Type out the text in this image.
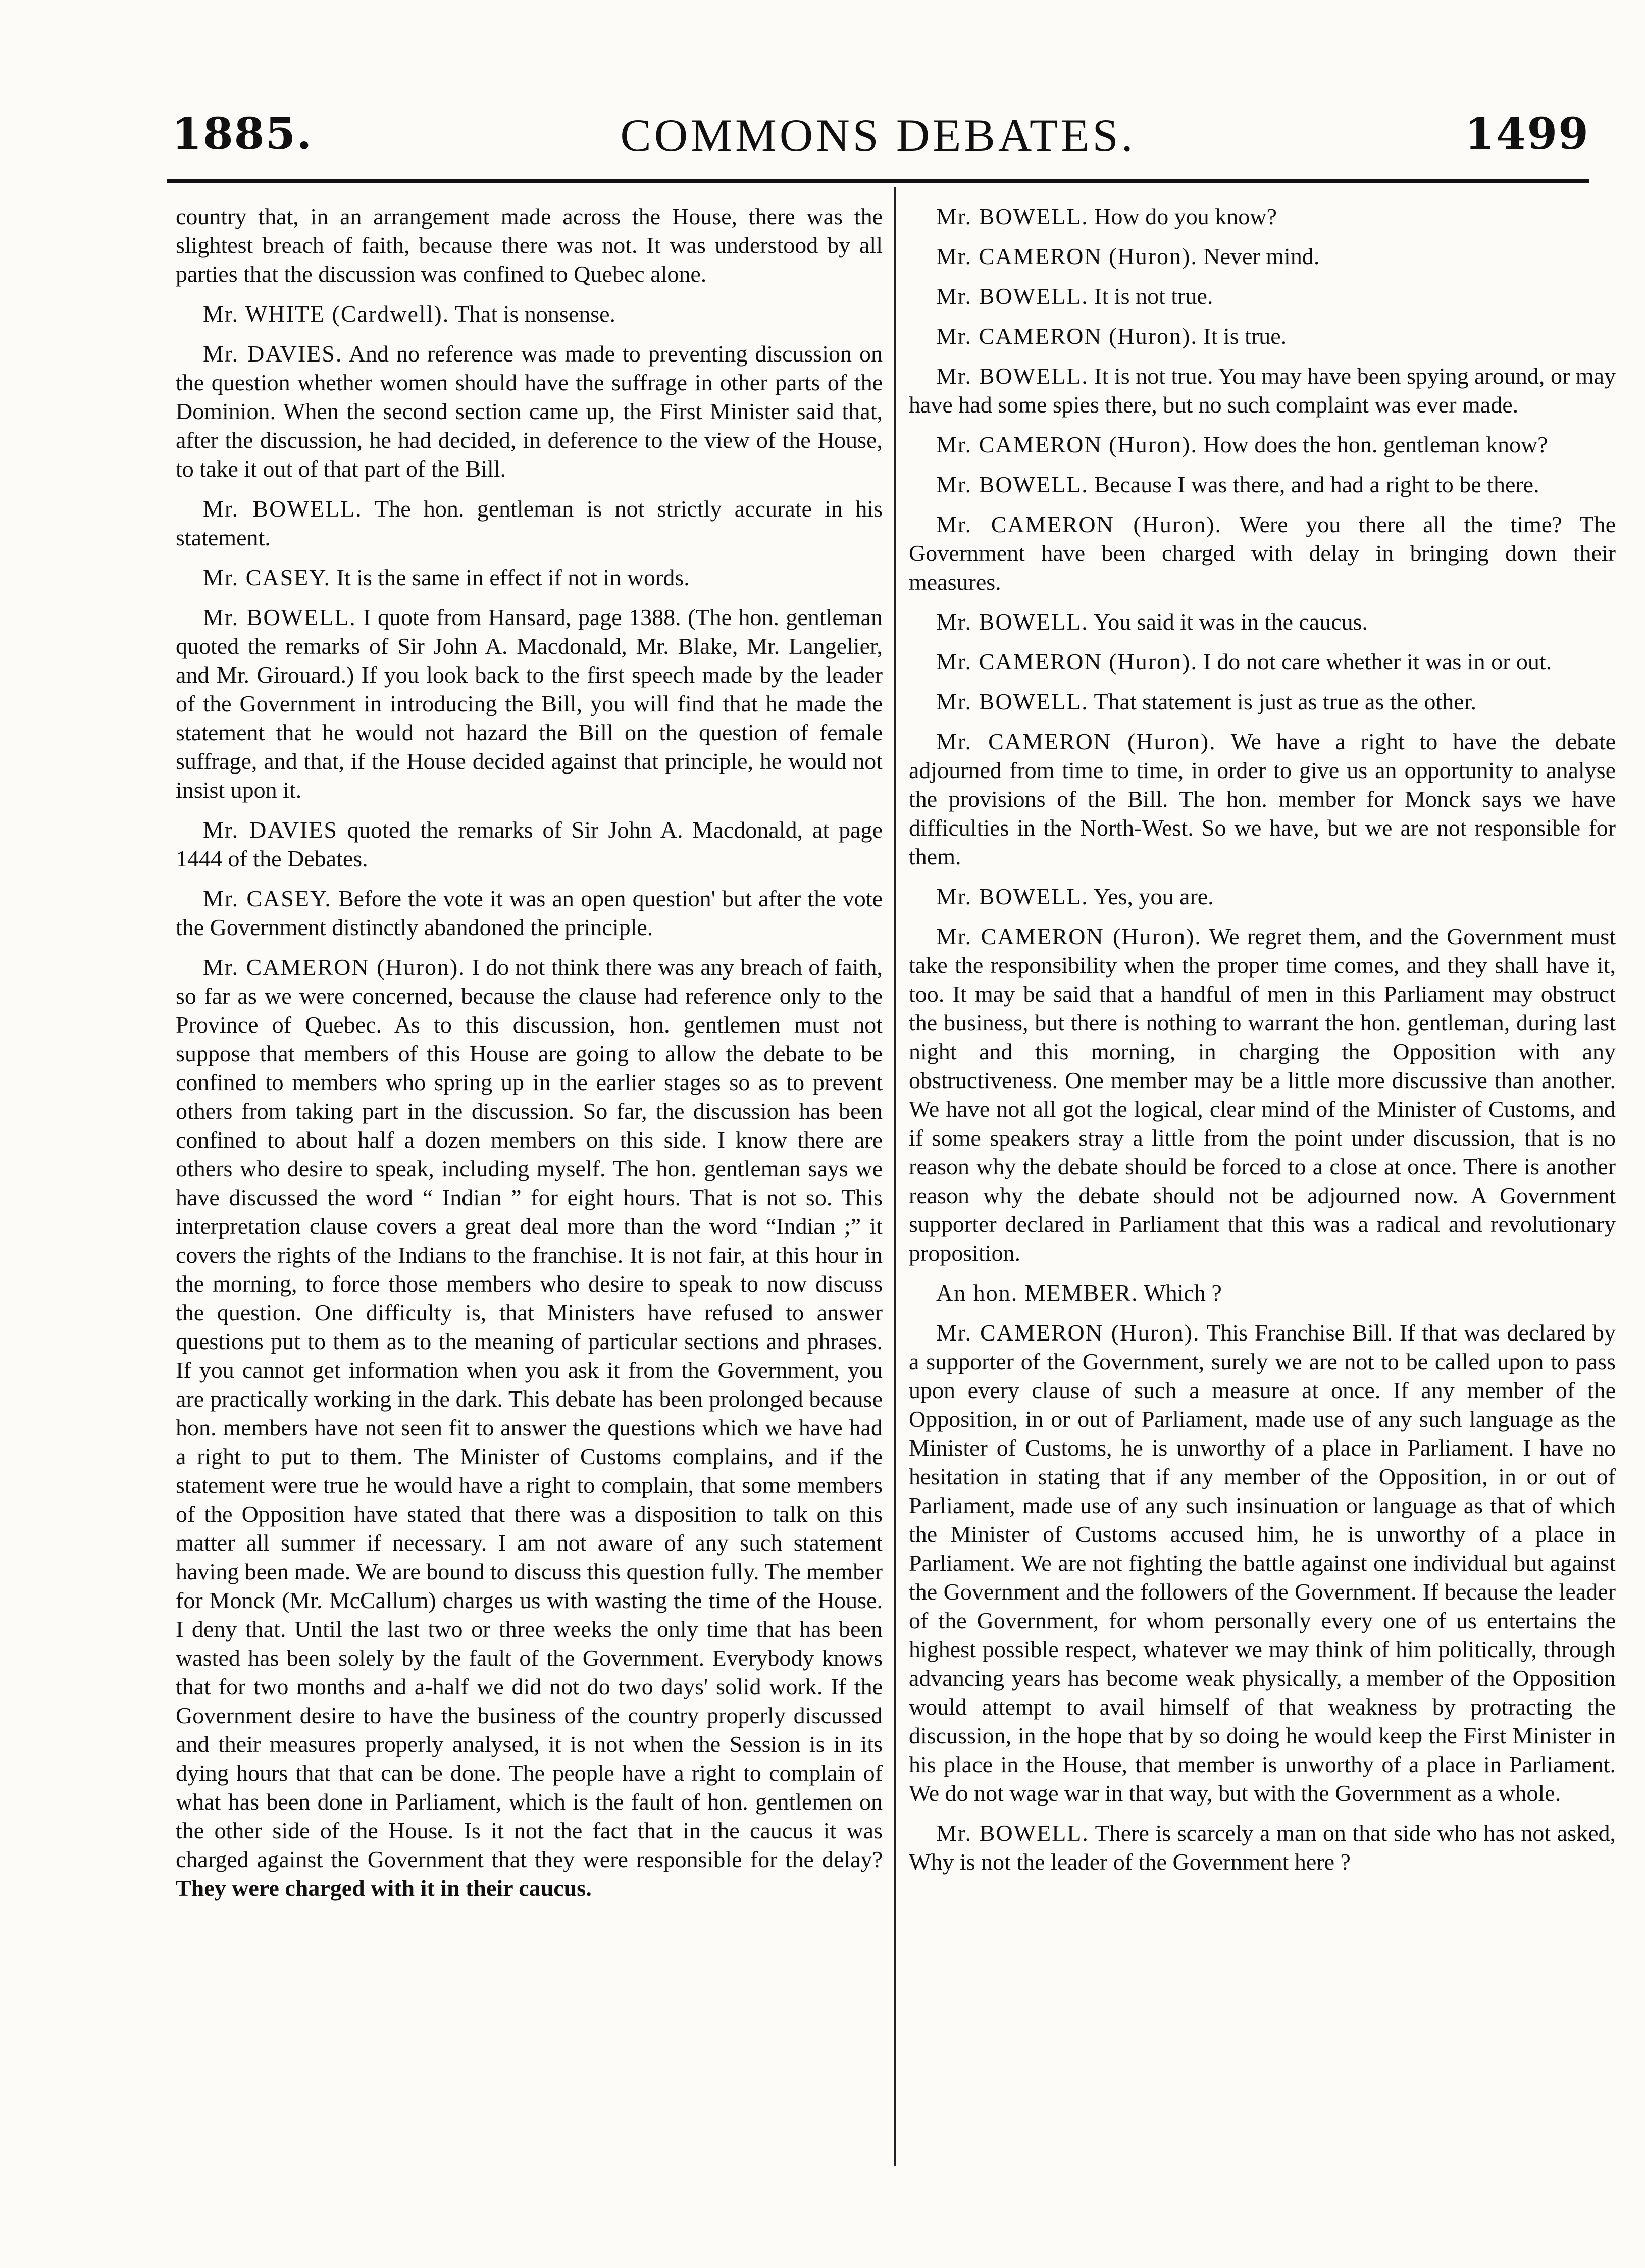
1885.	COMMONS DEBATES.	1499

country that, in an arrangement made across the House, there was the slightest breach of faith, because there was not. It was understood by all parties that the discussion was confined to Quebec alone.

Mr. WHITE (Cardwell). That is nonsense.

Mr. DAVIES. And no reference was made to preventing discussion on the question whether women should have the suffrage in other parts of the Dominion. When the second section came up, the First Minister said that, after the discussion, he had decided, in deference to the view of the House, to take it out of that part of the Bill.

Mr. BOWELL. The hon. gentleman is not strictly accurate in his statement.

Mr. CASEY. It is the same in effect if not in words.

Mr. BOWELL. I quote from Hansard, page 1388. (The hon. gentleman quoted the remarks of Sir John A. Macdonald, Mr. Blake, Mr. Langelier, and Mr. Girouard.) If you look back to the first speech made by the leader of the Government in introducing the Bill, you will find that he made the statement that he would not hazard the Bill on the question of female suffrage, and that, if the House decided against that principle, he would not insist upon it.

Mr. DAVIES quoted the remarks of Sir John A. Macdonald, at page 1444 of the Debates.

Mr. CASEY. Before the vote it was an open question' but after the vote the Government distinctly abandoned the principle.

Mr. CAMERON (Huron). I do not think there was any breach of faith, so far as we were concerned, because the clause had reference only to the Province of Quebec. As to this discussion, hon. gentlemen must not suppose that members of this House are going to allow the debate to be confined to members who spring up in the earlier stages so as to prevent others from taking part in the discussion. So far, the discussion has been confined to about half a dozen members on this side. I know there are others who desire to speak, including myself. The hon. gentleman says we have discussed the word “ Indian ” for eight hours. That is not so. This interpretation clause covers a great deal more than the word “Indian ;” it covers the rights of the Indians to the franchise. It is not fair, at this hour in the morning, to force those members who desire to speak to now discuss the question. One difficulty is, that Ministers have refused to answer questions put to them as to the meaning of particular sections and phrases. If you cannot get information when you ask it from the Government, you are practically working in the dark. This debate has been prolonged because hon. members have not seen fit to answer the questions which we have had a right to put to them. The Minister of Customs complains, and if the statement were true he would have a right to complain, that some members of the Opposition have stated that there was a disposition to talk on this matter all summer if necessary. I am not aware of any such statement having been made. We are bound to discuss this question fully. The member for Monck (Mr. McCallum) charges us with wasting the time of the House. I deny that. Until the last two or three weeks the only time that has been wasted has been solely by the fault of the Government. Everybody knows that for two months and a-half we did not do two days' solid work. If the Government desire to have the business of the country properly discussed and their measures properly analysed, it is not when the Session is in its dying hours that that can be done. The people have a right to complain of what has been done in Parliament, which is the fault of hon. gentlemen on the other side of the House. Is it not the fact that in the caucus it was charged against the Government that they were responsible for the delay? They were charged with it in their caucus.

Mr. BOWELL. How do you know?

Mr. CAMERON (Huron). Never mind.

Mr. BOWELL. It is not true.

Mr. CAMERON (Huron). It is true.

Mr. BOWELL. It is not true. You may have been spying around, or may have had some spies there, but no such complaint was ever made.

Mr. CAMERON (Huron). How does the hon. gentleman know?

Mr. BOWELL. Because I was there, and had a right to be there.

Mr. CAMERON (Huron). Were you there all the time? The Government have been charged with delay in bringing down their measures.

Mr. BOWELL. You said it was in the caucus.

Mr. CAMERON (Huron). I do not care whether it was in or out.

Mr. BOWELL. That statement is just as true as the other.

Mr. CAMERON (Huron). We have a right to have the debate adjourned from time to time, in order to give us an opportunity to analyse the provisions of the Bill. The hon. member for Monck says we have difficulties in the North-West. So we have, but we are not responsible for them.

Mr. BOWELL. Yes, you are.

Mr. CAMERON (Huron). We regret them, and the Government must take the responsibility when the proper time comes, and they shall have it, too. It may be said that a handful of men in this Parliament may obstruct the business, but there is nothing to warrant the hon. gentleman, during last night and this morning, in charging the Opposition with any obstructiveness. One member may be a little more discussive than another. We have not all got the logical, clear mind of the Minister of Customs, and if some speakers stray a little from the point under discussion, that is no reason why the debate should be forced to a close at once. There is another reason why the debate should not be adjourned now. A Government supporter declared in Parliament that this was a radical and revolutionary proposition.

An hon. MEMBER. Which ?

Mr. CAMERON (Huron). This Franchise Bill. If that was declared by a supporter of the Government, surely we are not to be called upon to pass upon every clause of such a measure at once. If any member of the Opposition, in or out of Parliament, made use of any such language as the Minister of Customs, he is unworthy of a place in Parliament. I have no hesitation in stating that if any member of the Opposition, in or out of Parliament, made use of any such insinuation or language as that of which the Minister of Customs accused him, he is unworthy of a place in Parliament. We are not fighting the battle against one individual but against the Government and the followers of the Government. If because the leader of the Government, for whom personally every one of us entertains the highest possible respect, whatever we may think of him politically, through advancing years has become weak physically, a member of the Opposition would attempt to avail himself of that weakness by protracting the discussion, in the hope that by so doing he would keep the First Minister in his place in the House, that member is unworthy of a place in Parliament. We do not wage war in that way, but with the Government as a whole.

Mr. BOWELL. There is scarcely a man on that side who has not asked, Why is not the leader of the Government here ?
